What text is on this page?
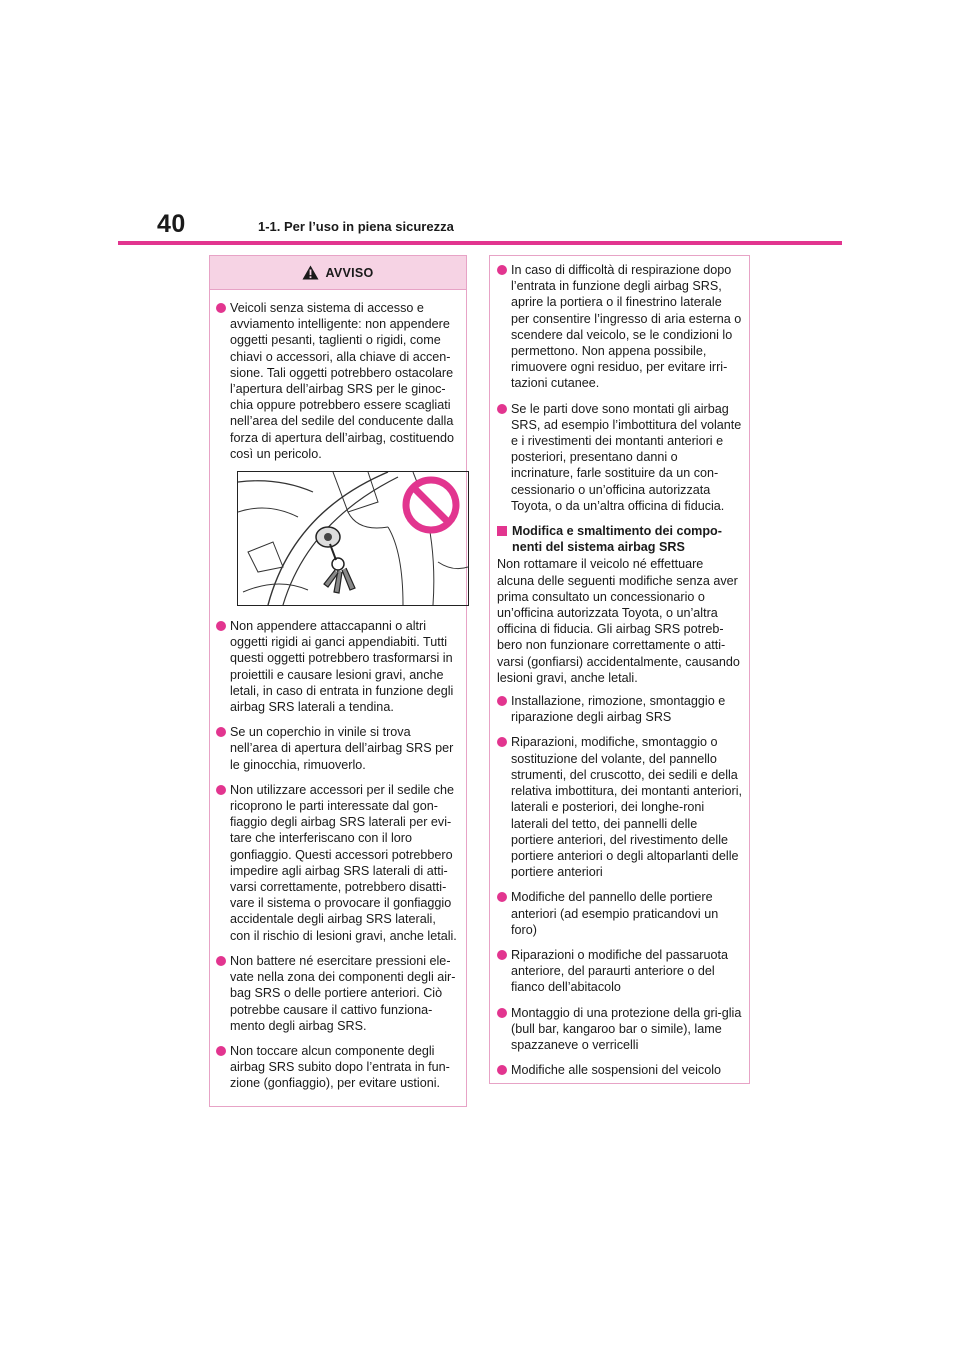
40	1-1. Per l’uso in piena sicurezza
AVVISO
Veicoli senza sistema di accesso e avviamento intelligente: non appendere oggetti pesanti, taglienti o rigidi, come chiavi o accessori, alla chiave di accen-sione. Tali oggetti potrebbero ostacolare l’apertura dell’airbag SRS per le ginoc-chia oppure potrebbero essere scagliati nell’area del sedile del conducente dalla forza di apertura dell’airbag, costituendo così un pericolo.
Non appendere attaccapanni o altri oggetti rigidi ai ganci appendiabiti. Tutti questi oggetti potrebbero trasformarsi in proiettili e causare lesioni gravi, anche letali, in caso di entrata in funzione degli airbag SRS laterali a tendina.
Se un coperchio in vinile si trova nell’area di apertura dell’airbag SRS per le ginocchia, rimuoverlo.
Non utilizzare accessori per il sedile che ricoprono le parti interessate dal gon-fiaggio degli airbag SRS laterali per evi-tare che interferiscano con il loro gonfiaggio. Questi accessori potrebbero impedire agli airbag SRS laterali di atti-varsi correttamente, potrebbero disatti-vare il sistema o provocare il gonfiaggio accidentale degli airbag SRS laterali, con il rischio di lesioni gravi, anche letali.
Non battere né esercitare pressioni ele-vate nella zona dei componenti degli air-bag SRS o delle portiere anteriori. Ciò potrebbe causare il cattivo funziona-mento degli airbag SRS.
Non toccare alcun componente degli airbag SRS subito dopo l’entrata in fun-zione (gonfiaggio), per evitare ustioni.
In caso di difficoltà di respirazione dopo l’entrata in funzione degli airbag SRS, aprire la portiera o il finestrino laterale per consentire l’ingresso di aria esterna o scendere dal veicolo, se le condizioni lo permettono. Non appena possibile, rimuovere ogni residuo, per evitare irri-tazioni cutanee.
Se le parti dove sono montati gli airbag SRS, ad esempio l’imbottitura del volante e i rivestimenti dei montanti anteriori e posteriori, presentano danni o incrinature, farle sostituire da un con-cessionario o un’officina autorizzata Toyota, o da un’altra officina di fiducia.
Modifica e smaltimento dei compo-nenti del sistema airbag SRS
Non rottamare il veicolo né effettuare alcuna delle seguenti modifiche senza aver prima consultato un concessionario o un’officina autorizzata Toyota, o un’altra officina di fiducia. Gli airbag SRS potreb-bero non funzionare correttamente o atti-varsi (gonfiarsi) accidentalmente, causando lesioni gravi, anche letali.
Installazione, rimozione, smontaggio e riparazione degli airbag SRS
Riparazioni, modifiche, smontaggio o sostituzione del volante, del pannello strumenti, del cruscotto, dei sedili e della relativa imbottitura, dei montanti anteriori, laterali e posteriori, dei longhe-roni laterali del tetto, dei pannelli delle portiere anteriori, del rivestimento delle portiere anteriori o degli altoparlanti delle portiere anteriori
Modifiche del pannello delle portiere anteriori (ad esempio praticandovi un foro)
Riparazioni o modifiche del passaruota anteriore, del paraurti anteriore o del fianco dell’abitacolo
Montaggio di una protezione della gri-glia (bull bar, kangaroo bar o simile), lame spazzaneve o verricelli
Modifiche alle sospensioni del veicolo
